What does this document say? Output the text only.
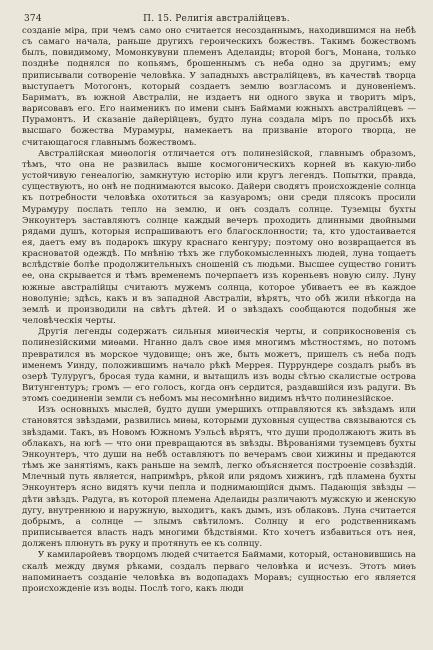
374	П. 15. Религія австралійцевъ.

созданіе міра, при чемъ само оно считается несозданнымъ, находившимся на небѣ съ самаго начала, раньше другихъ героическихъ божествъ. Такимъ божествомъ былъ, повидимому, Момонкувуни племенъ Аделаиды; второй богъ, Монана, только позднѣе поднялся по копьямъ, брошеннымъ съ неба одно за другимъ; ему приписывали сотвореніе человѣка. У западныхъ австралійцевъ, въ качествѣ творца выступаетъ Мотогонъ, который создаетъ землю возгласомъ и дуновеніемъ. Бариматъ, въ южной Австраліи, не издаетъ ни одного звука и творитъ міръ, варисовавъ его. Его наименикъ по имени сынъ Баймами южныхъ австралійцевъ — Пурамонтъ. И сказаніе дайерійцевъ, будто луна создала міръ по просьбѣ ихъ высшаго божества Мурамуры, намекаетъ на призваніе второго творца, не считающагося главнымъ божествомъ.

Австралійская миѳологія отличается отъ полинезійской, главнымъ образомъ, тѣмъ, что она не развилась выше космогоническихъ корней въ какую-либо устойчивую генеалогію, замкнутую исторію или кругъ легендъ. Попытки, правда, существуютъ, но онѣ не поднимаются высоко. Дайери сводятъ происхожденіе солнца къ потребности человѣка охотиться за казуаромъ; они среди плясокъ просили Мурамуру послать тепло на землю, и онъ создалъ солнце. Туземцы бухты Энкоунтеръ заставляютъ солнце каждый вечеръ проходить длинными двойными рядами душъ, которыя испрашиваютъ его благосклонности; та, кто удостаивается ея, даетъ ему въ подарокъ шкуру краснаго кенгуру; поэтому оно возвращается въ красноватой одеждѣ. По мнѣнію тѣхъ же глубокомысленныхъ людей, луна тощаетъ вслѣдствіе болѣе продолжительныхъ сношеній съ людьми. Высшее существо гонитъ ее, она скрывается и тѣмъ временемъ почерпаетъ изъ кореньевъ новую силу. Луну южные австралійцы считаютъ мужемъ солнца, которое убиваетъ ее въ каждое новолуніе; здѣсь, какъ и въ западной Австраліи, вѣрятъ, что обѣ жили нѣкогда на землѣ и производили на свѣтъ дѣтей. И о звѣздахъ сообщаются подобныя же человѣческія черты.

Другія легенды содержатъ сильныя миѳическія черты, и соприкосновенія съ полинезійскими миѳами. Нганно далъ свое имя многимъ мѣстностямъ, но потомъ превратился въ морское чудовище; онъ же, быть можетъ, пришелъ съ неба подъ именемъ Уинду, положившимъ начало рѣкѣ Меррея. Пуррундере создалъ рыбъ въ озерѣ Тулуругъ, бросая туда камни, и вытащилъ изъ воды сѣтью скалистые острова Витунгентуръ; громъ — его голосъ, когда онъ сердится, раздавшійся изъ радуги. Въ этомъ соединеніи земли съ небомъ мы несомнѣнно видимъ нѣчто полинезійское.

Изъ основныхъ мыслей, будто души умершихъ отправляются къ звѣздамъ или становятся звѣздами, развились миѳы, которыми духовныя существа связываются съ звѣздами. Такъ, въ Новомъ Южномъ Уэльсѣ вѣрятъ, что души продолжаютъ жить въ облакахъ, на югѣ — что они превращаются въ звѣзды. Вѣрованіями туземцевъ бухты Энкоунтеръ, что души на небѣ оставляютъ по вечерамъ свои хижины и предаются тѣмъ же занятіямъ, какъ раньше на землѣ, легко объясняется построеніе созвѣздій. Млечный путь является, напримѣръ, рѣкой или рядомъ хижинъ, гдѣ пламена бухты Энкоунтеръ ясно видятъ кучи пепла и поднимающійся дымъ. Падающія звѣзды — дѣти звѣздъ. Радуга, въ которой племена Аделаиды различаютъ мужскую и женскую дугу, внутреннюю и наружную, выходитъ, какъ дымъ, изъ облаковъ. Луна считается добрымъ, а солнце — злымъ свѣтиломъ. Солнцу и его родственникамъ приписывается власть надъ многими бѣдствіями. Кто хочетъ избавиться отъ нея, долженъ плюнуть въ руку и протянуть ее къ солнцу.

У камиларойевъ творцомъ людей считается Баймами, который, остановившись на скалѣ между двумя рѣками, создалъ перваго человѣка и исчезъ. Этотъ миѳъ напоминаетъ созданіе человѣка въ водопадахъ Моравъ; сущностью его является происхожденіе изъ воды. Послѣ того, какъ люди
